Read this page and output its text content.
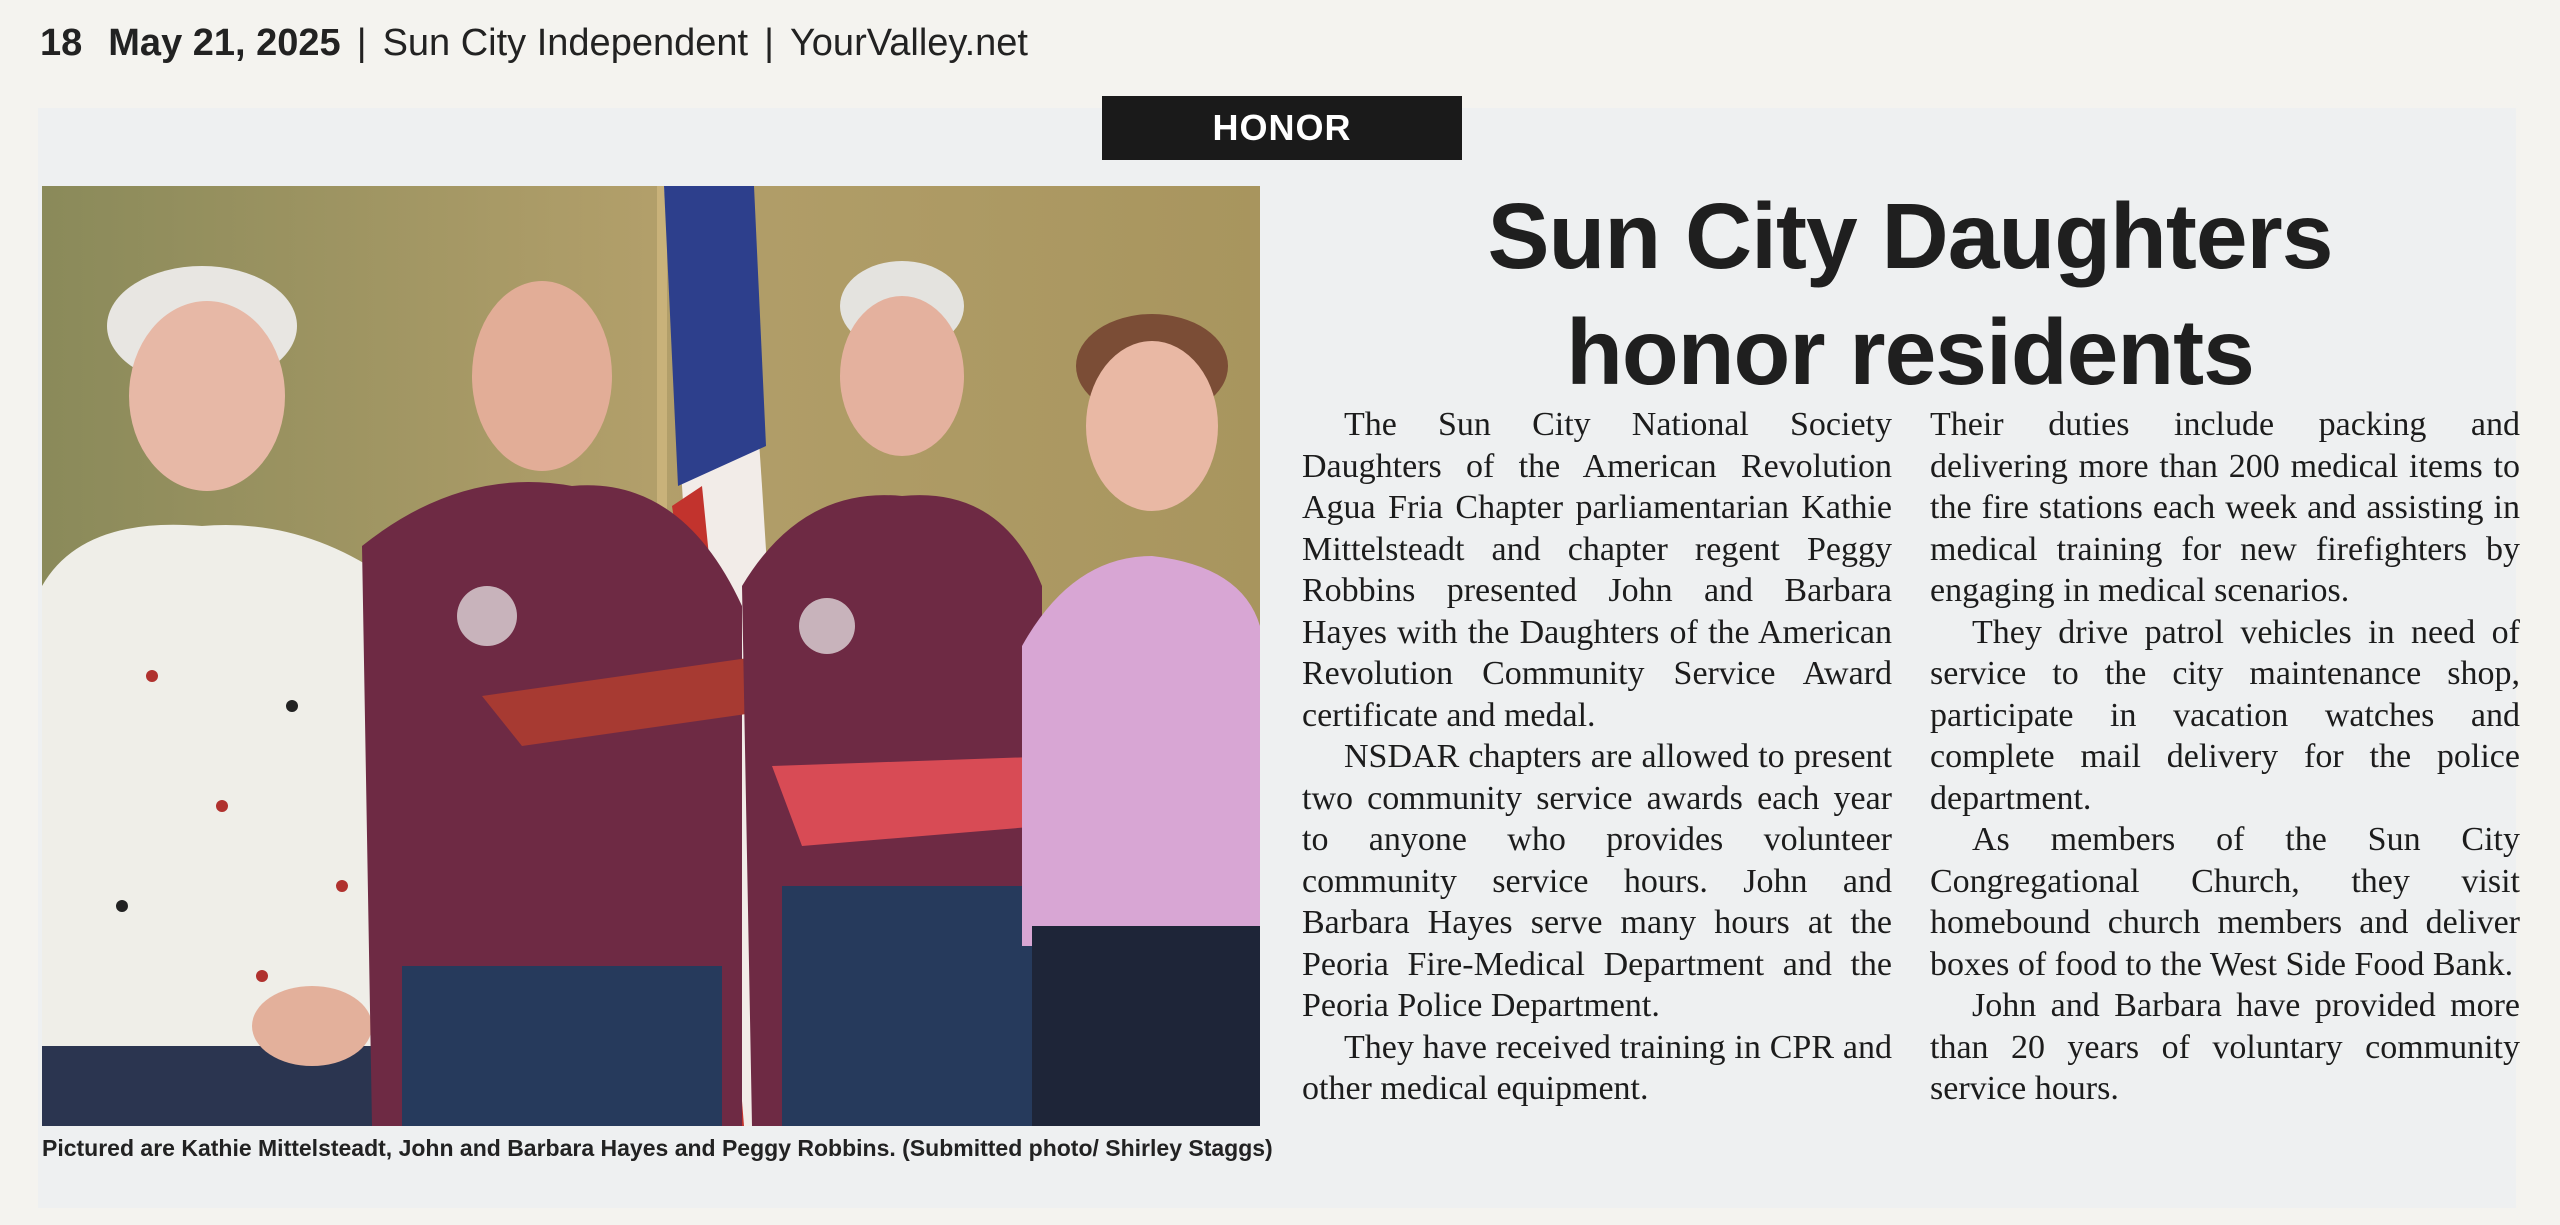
18 May 21, 2025 | Sun City Independent | YourValley.net
HONOR
Pictured are Kathie Mittelsteadt, John and Barbara Hayes and Peggy Robbins. (Submitted photo/ Shirley Staggs)
Sun City Daughters
honor residents

The Sun City National Society Daughters of the American Revolution Agua Fria Chapter parliamentarian Kathie Mittelsteadt and chapter regent Peggy Robbins presented John and Barbara Hayes with the Daughters of the American Revolution Community Service Award certificate and medal.

NSDAR chapters are allowed to present two community service awards each year to anyone who provides volunteer community service hours. John and Barbara Hayes serve many hours at the Peoria Fire-Medical Department and the Peoria Police Department.

They have received training in CPR and other medical equipment.

Their duties include packing and delivering more than 200 medical items to the fire stations each week and assisting in medical training for new firefighters by engaging in medical scenarios.

They drive patrol vehicles in need of service to the city maintenance shop, participate in vacation watches and complete mail delivery for the police department.

As members of the Sun City Congregational Church, they visit homebound church members and deliver boxes of food to the West Side Food Bank.

John and Barbara have provided more than 20 years of voluntary community service hours.
